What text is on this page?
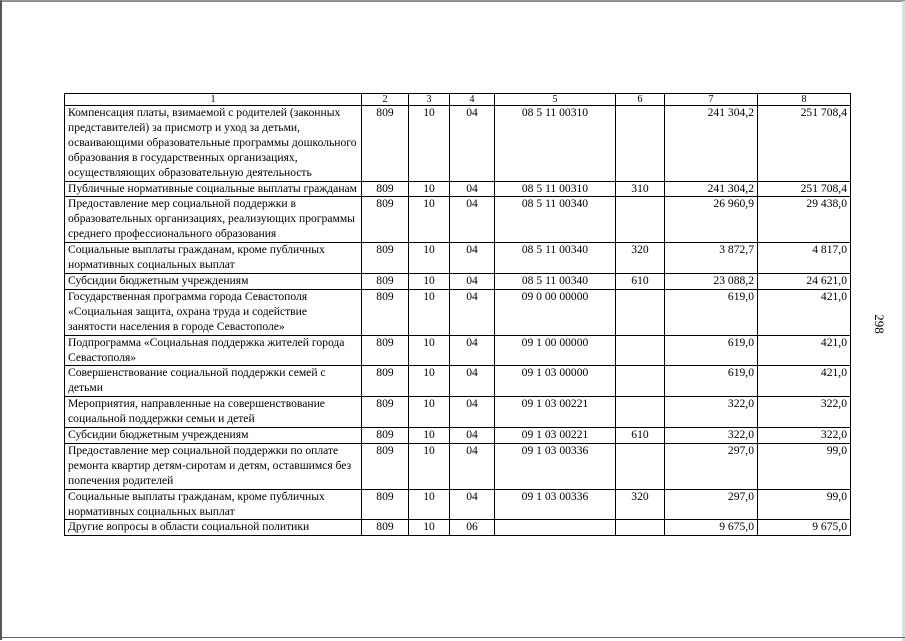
298
1	2	3	4	5	6	7	8
Компенсация платы, взимаемой с родителей (законных представителей) за присмотр и уход за детьми, осваивающими образовательные программы дошкольного образования в государственных организациях, осуществляющих образовательную деятельность	809	10	04	08 5 11 00310		241 304,2	251 708,4
Публичные нормативные социальные выплаты гражданам	809	10	04	08 5 11 00310	310	241 304,2	251 708,4
Предоставление мер социальной поддержки в образовательных организациях, реализующих программы среднего профессионального образования	809	10	04	08 5 11 00340		26 960,9	29 438,0
Социальные выплаты гражданам, кроме публичных нормативных социальных выплат	809	10	04	08 5 11 00340	320	3 872,7	4 817,0
Субсидии бюджетным учреждениям	809	10	04	08 5 11 00340	610	23 088,2	24 621,0
Государственная программа города Севастополя «Социальная защита, охрана труда и содействие занятости населения в городе Севастополе»	809	10	04	09 0 00 00000		619,0	421,0
Подпрограмма «Социальная поддержка жителей города Севастополя»	809	10	04	09 1 00 00000		619,0	421,0
Совершенствование социальной поддержки семей с детьми	809	10	04	09 1 03 00000		619,0	421,0
Мероприятия, направленные на совершенствование социальной поддержки семьи и детей	809	10	04	09 1 03 00221		322,0	322,0
Субсидии бюджетным учреждениям	809	10	04	09 1 03 00221	610	322,0	322,0
Предоставление мер социальной поддержки по оплате ремонта квартир детям-сиротам и детям, оставшимся без попечения родителей	809	10	04	09 1 03 00336		297,0	99,0
Социальные выплаты гражданам, кроме публичных нормативных социальных выплат	809	10	04	09 1 03 00336	320	297,0	99,0
Другие вопросы в области социальной политики	809	10	06			9 675,0	9 675,0
